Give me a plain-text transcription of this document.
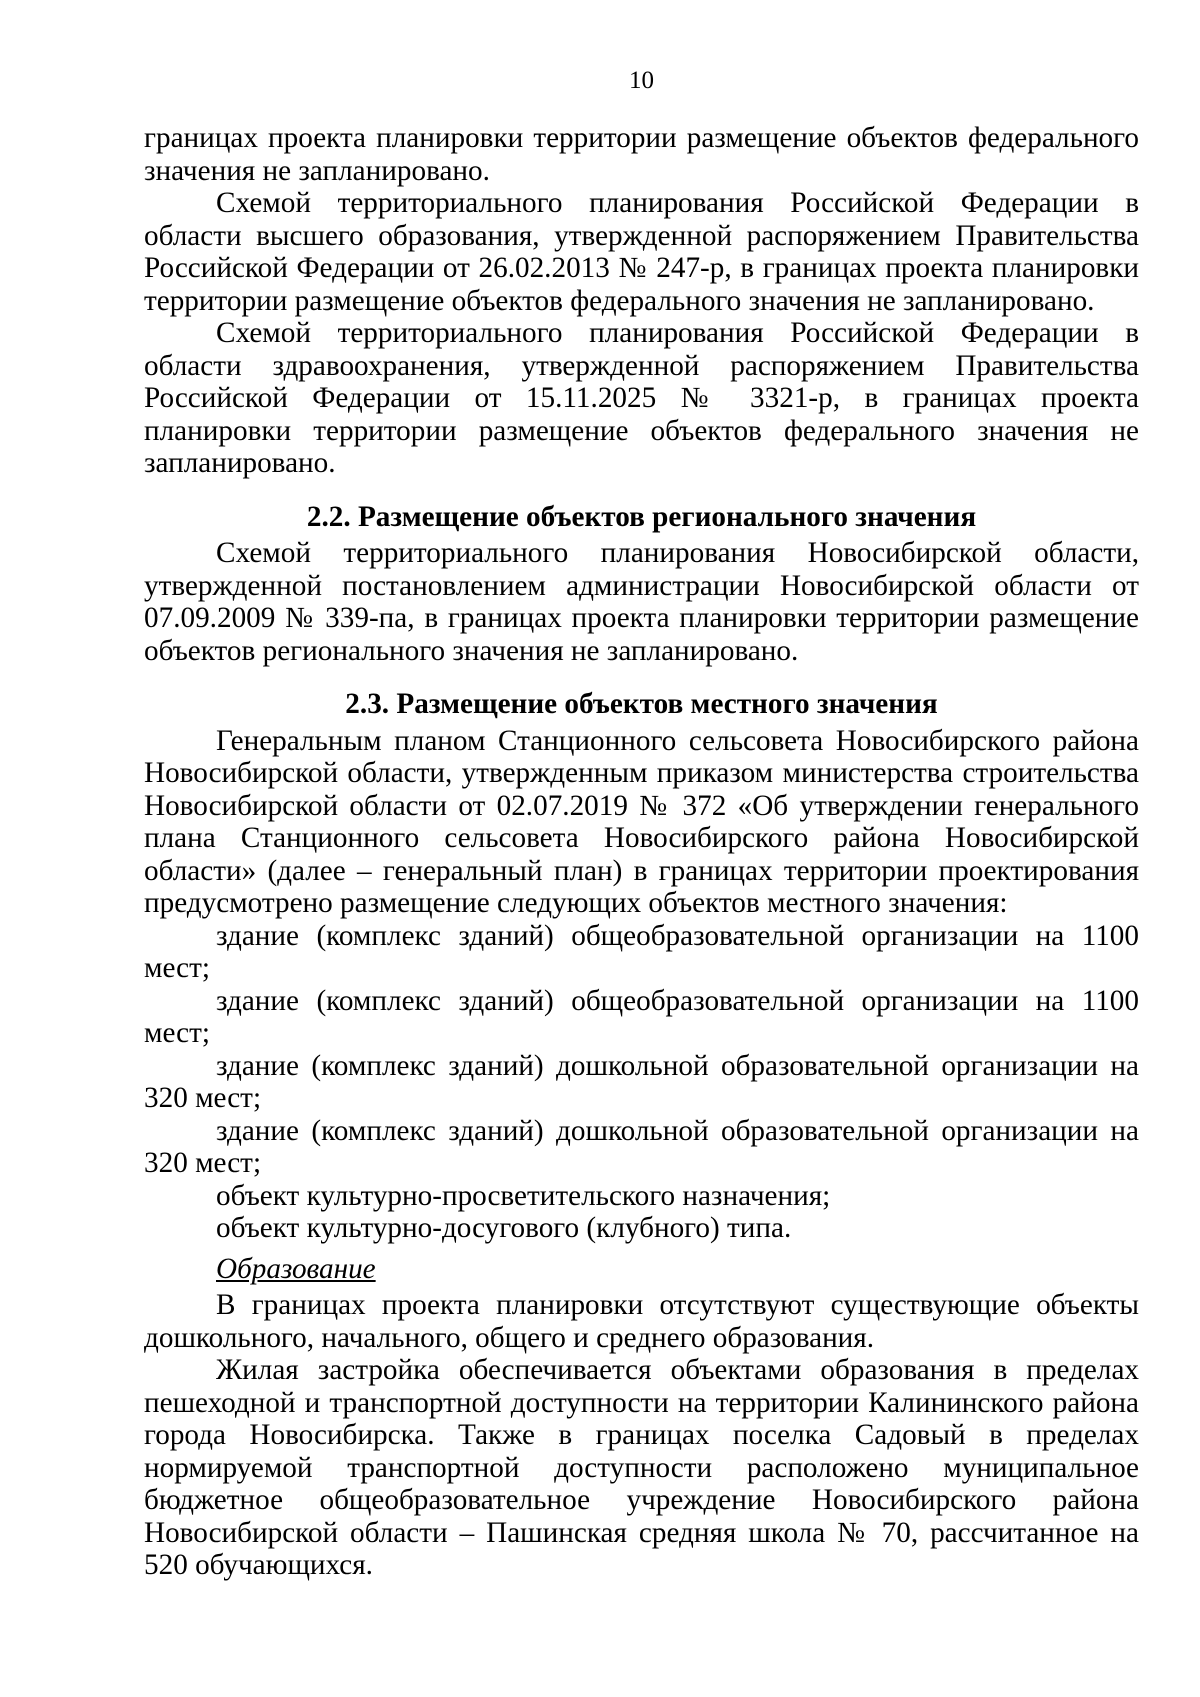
10

границах проекта планировки территории размещение объектов федерального значения не запланировано.

Схемой территориального планирования Российской Федерации в области высшего образования, утвержденной распоряжением Правительства Российской Федерации от 26.02.2013 № 247-р, в границах проекта планировки территории размещение объектов федерального значения не запланировано.

Схемой территориального планирования Российской Федерации в области здравоохранения, утвержденной распоряжением Правительства Российской Федерации от 15.11.2025 № 3321-р, в границах проекта планировки территории размещение объектов федерального значения не запланировано.

2.2. Размещение объектов регионального значения

Схемой территориального планирования Новосибирской области, утвержденной постановлением администрации Новосибирской области от 07.09.2009 № 339-па, в границах проекта планировки территории размещение объектов регионального значения не запланировано.

2.3. Размещение объектов местного значения

Генеральным планом Станционного сельсовета Новосибирского района Новосибирской области, утвержденным приказом министерства строительства Новосибирской области от 02.07.2019 № 372 «Об утверждении генерального плана Станционного сельсовета Новосибирского района Новосибирской области» (далее – генеральный план) в границах территории проектирования предусмотрено размещение следующих объектов местного значения:

здание (комплекс зданий) общеобразовательной организации на 1100 мест;

здание (комплекс зданий) общеобразовательной организации на 1100 мест;

здание (комплекс зданий) дошкольной образовательной организации на 320 мест;

здание (комплекс зданий) дошкольной образовательной организации на 320 мест;

объект культурно-просветительского назначения;

объект культурно-досугового (клубного) типа.

Образование

В границах проекта планировки отсутствуют существующие объекты дошкольного, начального, общего и среднего образования.

Жилая застройка обеспечивается объектами образования в пределах пешеходной и транспортной доступности на территории Калининского района города Новосибирска. Также в границах поселка Садовый в пределах нормируемой транспортной доступности расположено муниципальное бюджетное общеобразовательное учреждение Новосибирского района Новосибирской области – Пашинская средняя школа № 70, рассчитанное на 520 обучающихся.
